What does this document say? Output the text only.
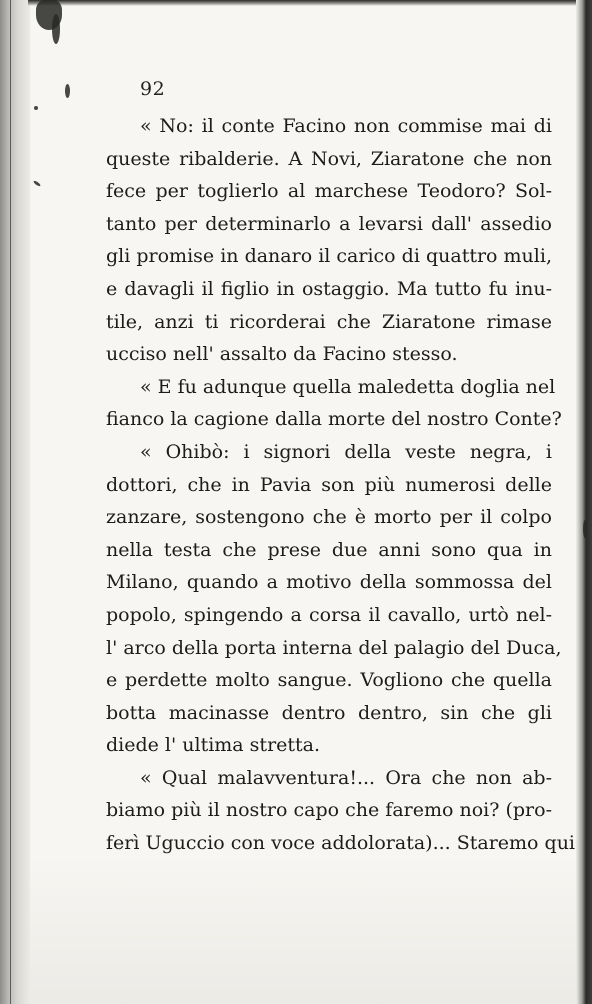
92
« No: il conte Facino non commise mai di
queste ribalderie. A Novi, Ziaratone che non
fece per toglierlo al marchese Teodoro? Sol-
tanto per determinarlo a levarsi dall' assedio
gli promise in danaro il carico di quattro muli,
e davagli il figlio in ostaggio. Ma tutto fu inu-
tile, anzi ti ricorderai che Ziaratone rimase
ucciso nell' assalto da Facino stesso.
« E fu adunque quella maledetta doglia nel
fianco la cagione dalla morte del nostro Conte?
« Ohibò: i signori della veste negra, i
dottori, che in Pavia son più numerosi delle
zanzare, sostengono che è morto per il colpo
nella testa che prese due anni sono qua in
Milano, quando a motivo della sommossa del
popolo, spingendo a corsa il cavallo, urtò nel-
l' arco della porta interna del palagio del Duca,
e perdette molto sangue. Vogliono che quella
botta macinasse dentro dentro, sin che gli
diede l' ultima stretta.
« Qual malavventura!... Ora che non ab-
biamo più il nostro capo che faremo noi? (pro-
ferì Uguccio con voce addolorata)... Staremo qui
